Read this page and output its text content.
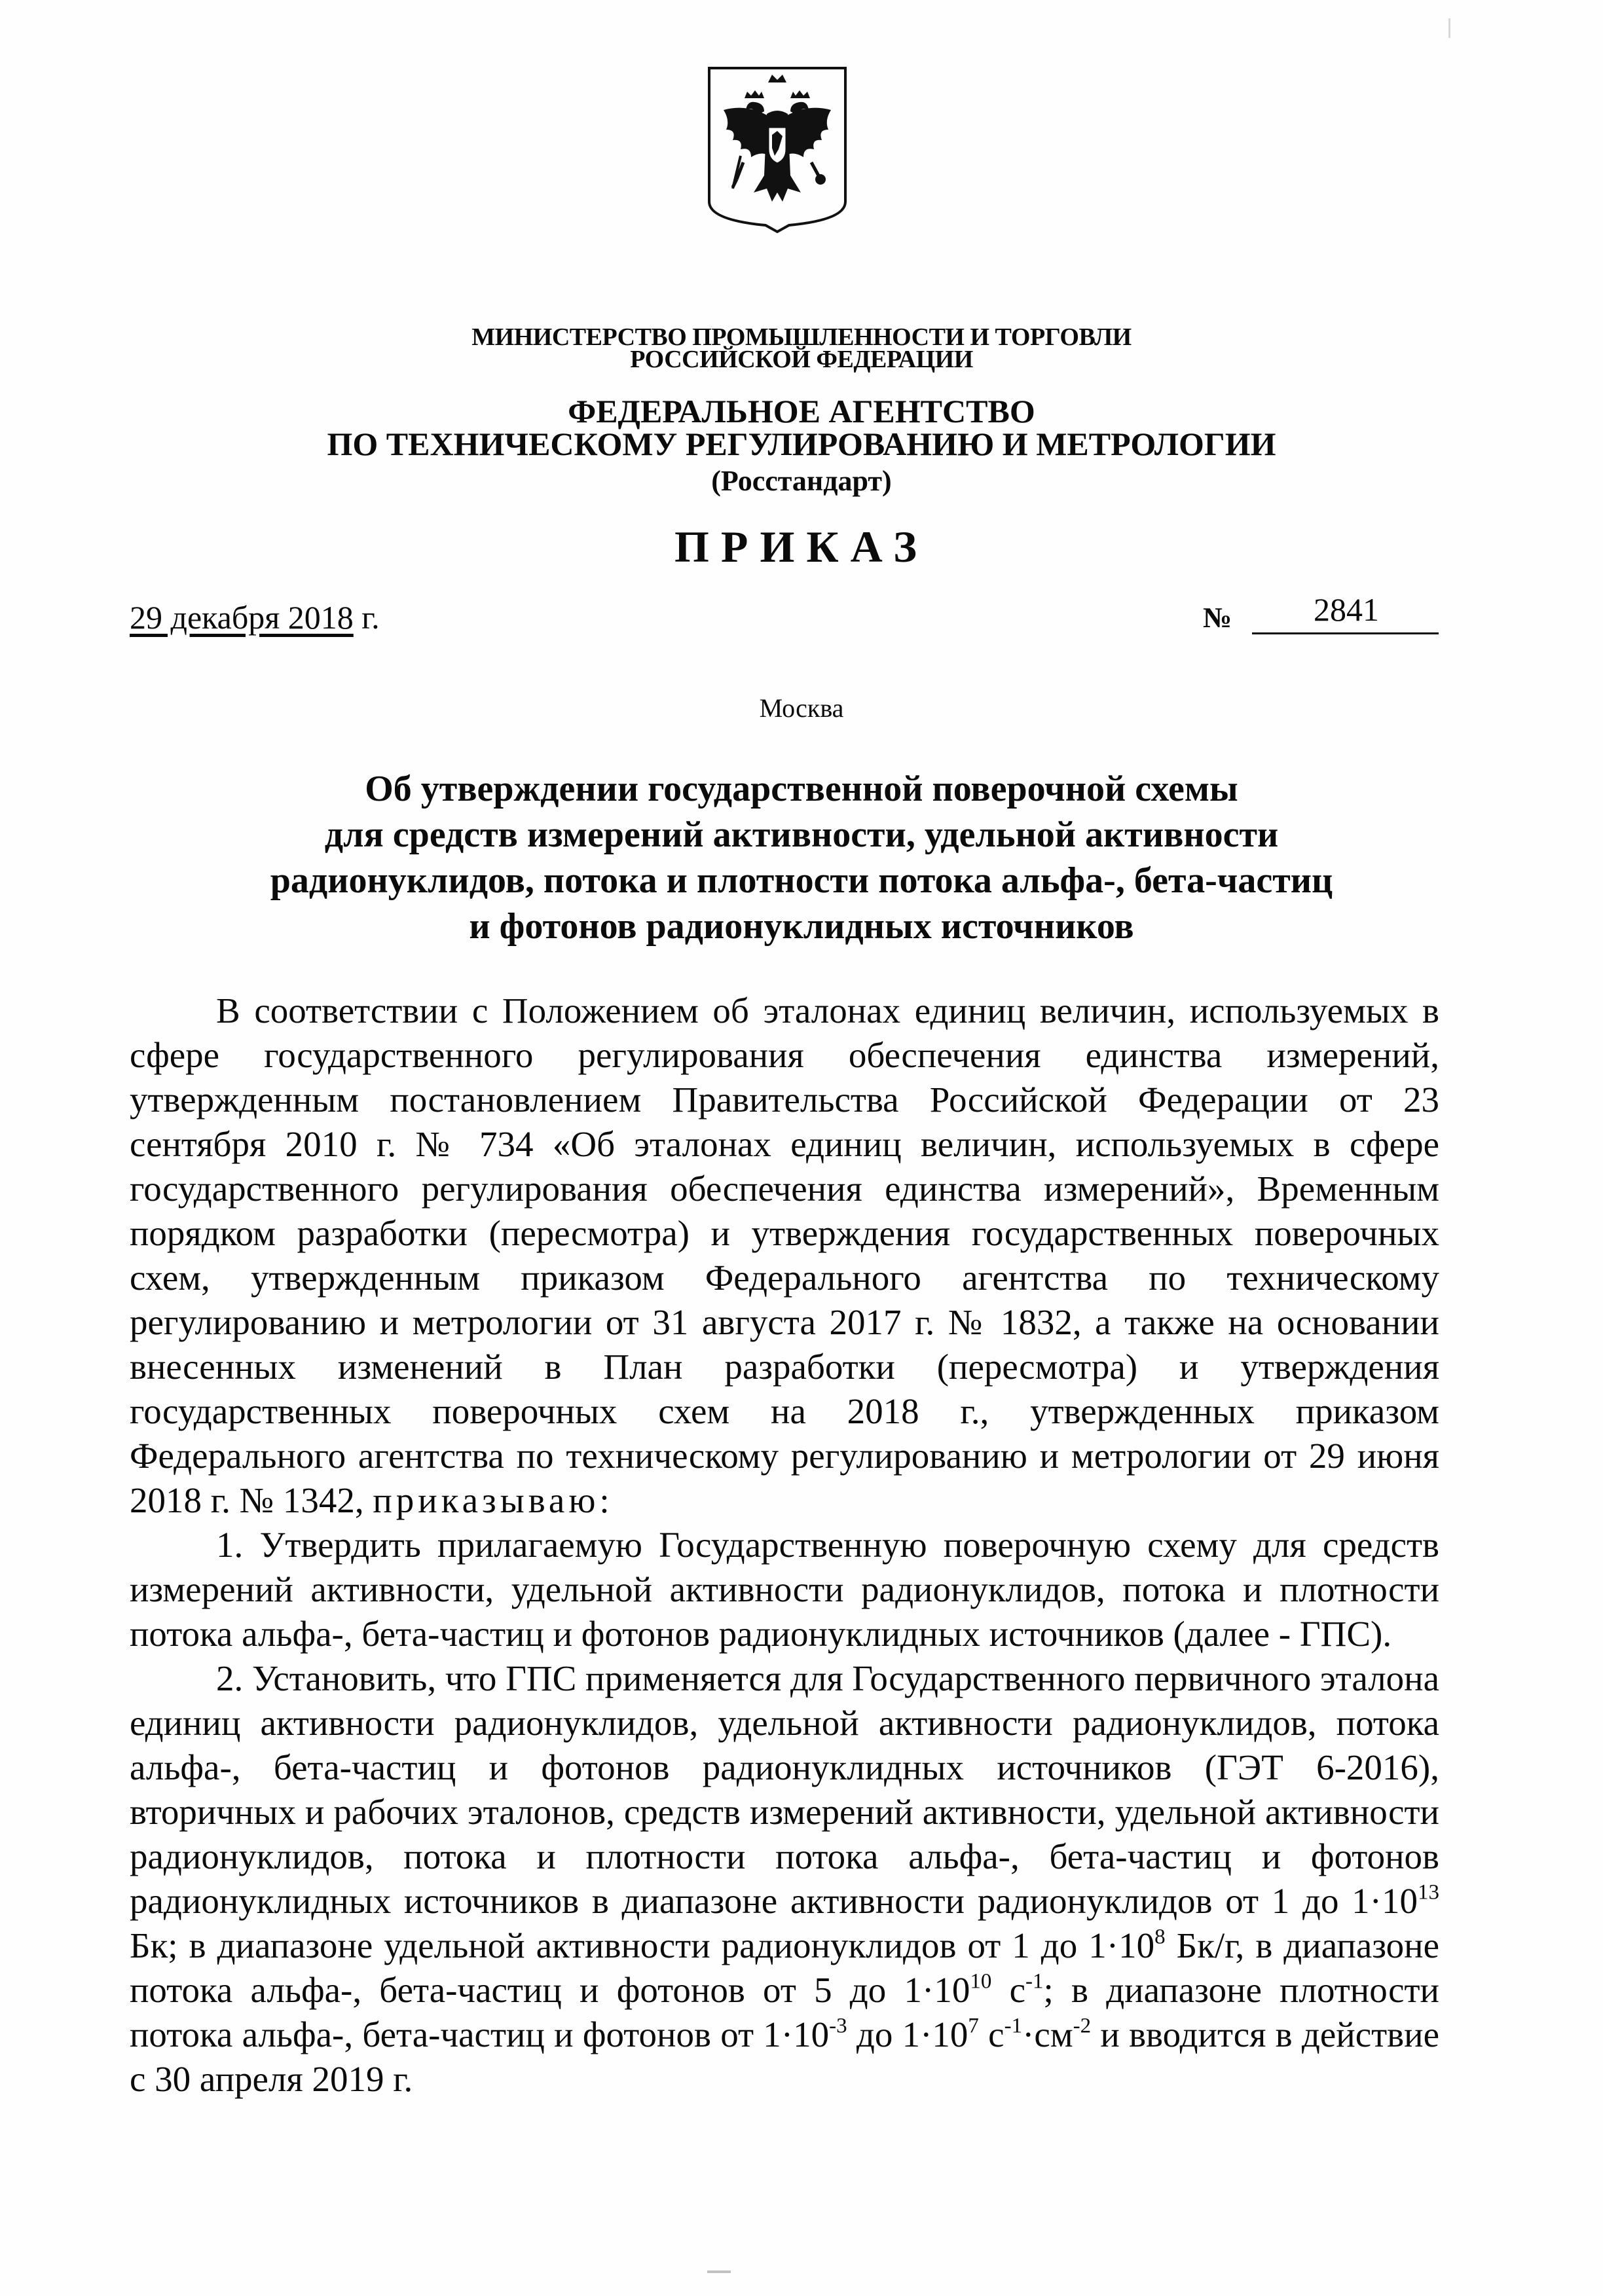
МИНИСТЕРСТВО ПРОМЫШЛЕННОСТИ И ТОРГОВЛИ
РОССИЙСКОЙ ФЕДЕРАЦИИ
ФЕДЕРАЛЬНОЕ АГЕНТСТВО
ПО ТЕХНИЧЕСКОМУ РЕГУЛИРОВАНИЮ И МЕТРОЛОГИИ
(Росстандарт)
ПРИКАЗ
29 декабря 2018 г.	№	2841
Москва
Об утверждении государственной поверочной схемы
для средств измерений активности, удельной активности
радионуклидов, потока и плотности потока альфа-, бета-частиц
и фотонов радионуклидных источников

В соответствии с Положением об эталонах единиц величин, используемых в сфере государственного регулирования обеспечения единства измерений, утвержденным постановлением Правительства Российской Федерации от 23 сентября 2010 г. № 734 «Об эталонах единиц величин, используемых в сфере государственного регулирования обеспечения единства измерений», Временным порядком разработки (пересмотра) и утверждения государственных поверочных схем, утвержденным приказом Федерального агентства по техническому регулированию и метрологии от 31 августа 2017 г. № 1832, а также на основании внесенных изменений в План разработки (пересмотра) и утверждения государственных поверочных схем на 2018 г., утвержденных приказом Федерального агентства по техническому регулированию и метрологии от 29 июня 2018 г. № 1342, приказываю:

1. Утвердить прилагаемую Государственную поверочную схему для средств измерений активности, удельной активности радионуклидов, потока и плотности потока альфа-, бета-частиц и фотонов радионуклидных источников (далее - ГПС).

2. Установить, что ГПС применяется для Государственного первичного эталона единиц активности радионуклидов, удельной активности радионуклидов, потока альфа-, бета-частиц и фотонов радионуклидных источников (ГЭТ 6-2016), вторичных и рабочих эталонов, средств измерений активности, удельной активности радионуклидов, потока и плотности потока альфа-, бета-частиц и фотонов радионуклидных источников в диапазоне активности радионуклидов от 1 до $1\cdot 10^{13}$ Бк; в диапазоне удельной активности радионуклидов от 1 до $1\cdot 10^8$ Бк/г, в диапазоне потока альфа-, бета-частиц и фотонов от 5 до $1\cdot 10^{10}$ $с^{-1}$; в диапазоне плотности потока альфа-, бета-частиц и фотонов от $1\cdot 10^{-3}$ до $1\cdot 10^7$ $с^{-1}\cdot см^{-2}$ и вводится в действие с 30 апреля 2019 г.
